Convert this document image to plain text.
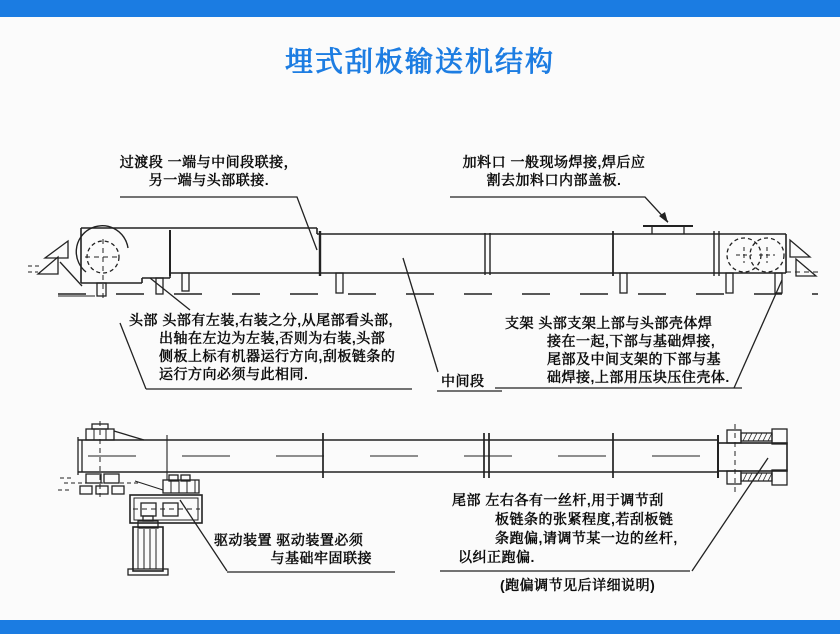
埋式刮板输送机结构
过渡段 一端与中间段联接，
另一端与头部联接.
加料口 一般现场焊接,焊后应
割去加料口内部盖板.
头部 头部有左装,右装之分,从尾部看头部,
出轴在左边为左装,否则为右装,头部
侧板上标有机器运行方向,刮板链条的
运行方向必须与此相同.	中间段
支架 头部支架上部与头部壳体焊
接在一起,下部与基础焊接,
尾部及中间支架的下部与基
础焊接,上部用压块压住壳体.
驱动装置 驱动装置必须
与基础牢固联接
尾部 左右各有一丝杆,用于调节刮
板链条的张紧程度,若刮板链
条跑偏,请调节某一边的丝杆,
以纠正跑偏.
(跑偏调节见后详细说明)
